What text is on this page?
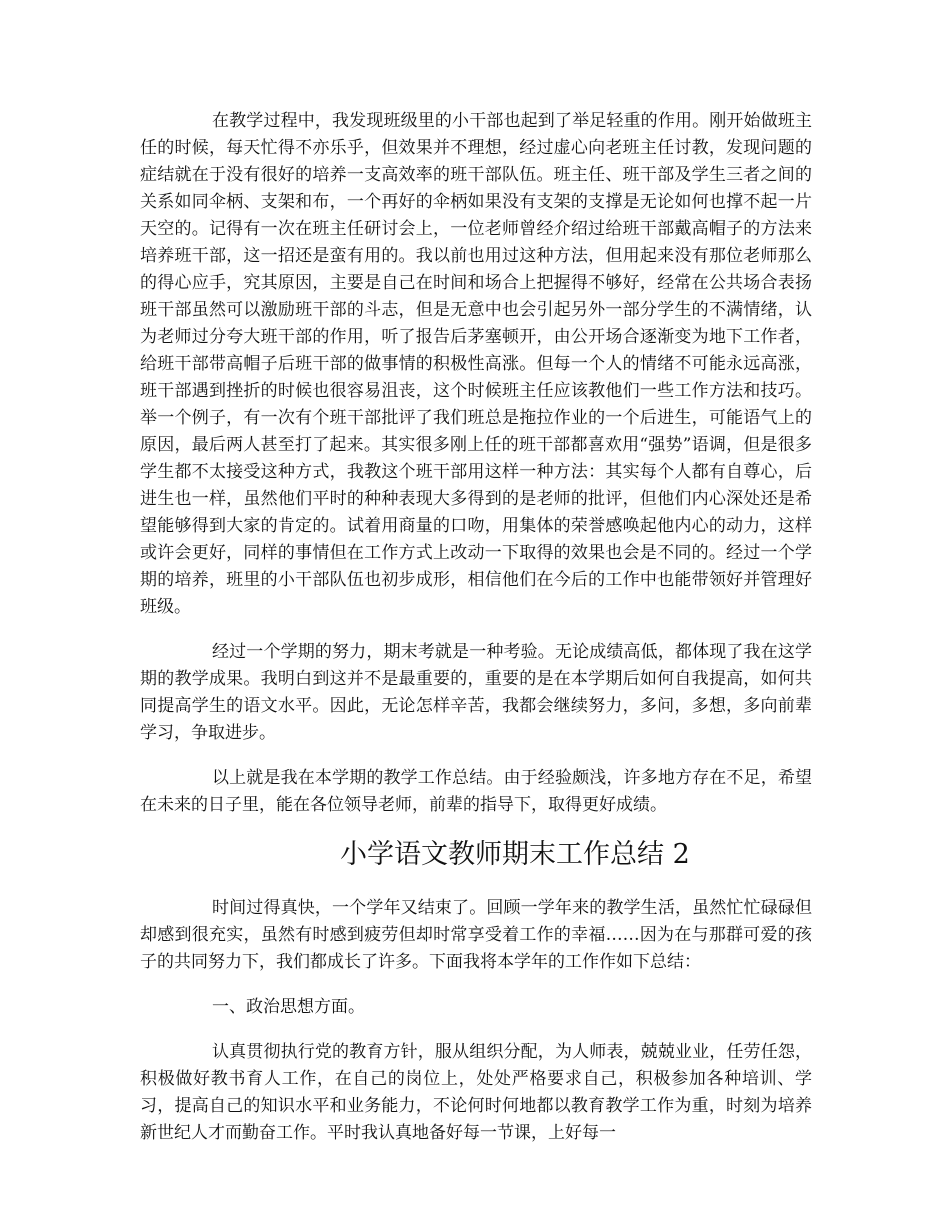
在教学过程中，我发现班级里的小干部也起到了举足轻重的作用。刚开始做班主任的时候，每天忙得不亦乐乎，但效果并不理想，经过虚心向老班主任讨教，发现问题的症结就在于没有很好的培养一支高效率的班干部队伍。班主任、班干部及学生三者之间的关系如同伞柄、支架和布，一个再好的伞柄如果没有支架的支撑是无论如何也撑不起一片天空的。记得有一次在班主任研讨会上，一位老师曾经介绍过给班干部戴高帽子的方法来培养班干部，这一招还是蛮有用的。我以前也用过这种方法，但用起来没有那位老师那么的得心应手，究其原因，主要是自己在时间和场合上把握得不够好，经常在公共场合表扬班干部虽然可以激励班干部的斗志，但是无意中也会引起另外一部分学生的不满情绪，认为老师过分夸大班干部的作用，听了报告后茅塞顿开，由公开场合逐渐变为地下工作者，给班干部带高帽子后班干部的做事情的积极性高涨。但每一个人的情绪不可能永远高涨，班干部遇到挫折的时候也很容易沮丧，这个时候班主任应该教他们一些工作方法和技巧。举一个例子，有一次有个班干部批评了我们班总是拖拉作业的一个后进生，可能语气上的原因，最后两人甚至打了起来。其实很多刚上任的班干部都喜欢用“强势”语调，但是很多学生都不太接受这种方式，我教这个班干部用这样一种方法：其实每个人都有自尊心，后进生也一样，虽然他们平时的种种表现大多得到的是老师的批评，但他们内心深处还是希望能够得到大家的肯定的。试着用商量的口吻，用集体的荣誉感唤起他内心的动力，这样或许会更好，同样的事情但在工作方式上改动一下取得的效果也会是不同的。经过一个学期的培养，班里的小干部队伍也初步成形，相信他们在今后的工作中也能带领好并管理好班级。

经过一个学期的努力，期末考就是一种考验。无论成绩高低，都体现了我在这学期的教学成果。我明白到这并不是最重要的，重要的是在本学期后如何自我提高，如何共同提高学生的语文水平。因此，无论怎样辛苦，我都会继续努力，多问，多想，多向前辈学习，争取进步。

以上就是我在本学期的教学工作总结。由于经验颇浅，许多地方存在不足，希望在未来的日子里，能在各位领导老师，前辈的指导下，取得更好成绩。

小学语文教师期末工作总结 2

时间过得真快，一个学年又结束了。回顾一学年来的教学生活，虽然忙忙碌碌但却感到很充实，虽然有时感到疲劳但却时常享受着工作的幸福……因为在与那群可爱的孩子的共同努力下，我们都成长了许多。下面我将本学年的工作作如下总结：

一、政治思想方面。

认真贯彻执行党的教育方针，服从组织分配，为人师表，兢兢业业，任劳任怨，积极做好教书育人工作，在自己的岗位上，处处严格要求自己，积极参加各种培训、学习，提高自己的知识水平和业务能力，不论何时何地都以教育教学工作为重，时刻为培养新世纪人才而勤奋工作。平时我认真地备好每一节课，上好每一
